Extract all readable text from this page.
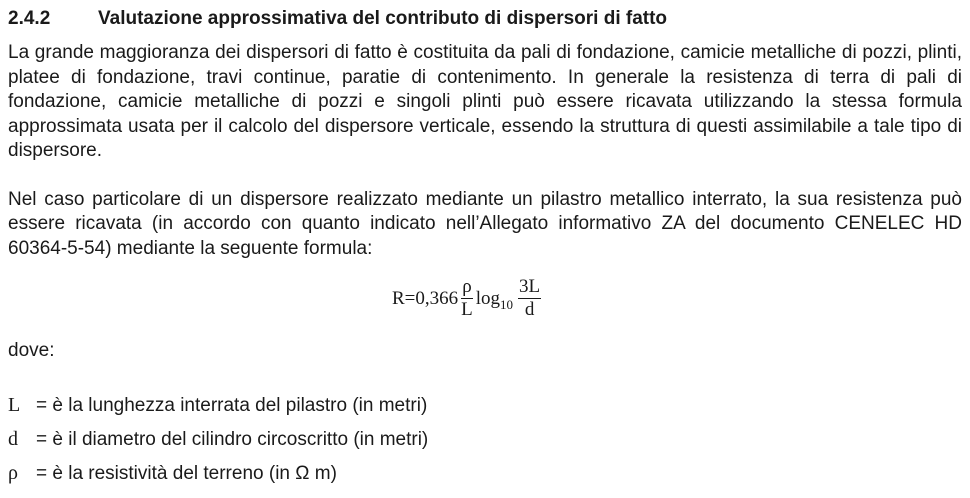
2.4.2	Valutazione approssimativa del contributo di dispersori di fatto

La grande maggioranza dei dispersori di fatto è costituita da pali di fondazione, camicie metalliche di pozzi, plinti, platee di fondazione, travi continue, paratie di contenimento. In generale la resistenza di terra di pali di fondazione, camicie metalliche di pozzi e singoli plinti può essere ricavata utilizzando la stessa formula approssimata usata per il calcolo del dispersore verticale, essendo la struttura di questi assimilabile a tale tipo di dispersore.

Nel caso particolare di un dispersore realizzato mediante un pilastro metallico interrato, la sua resistenza può essere ricavata (in accordo con quanto indicato nell’Allegato informativo ZA del documento CENELEC HD 60364-5-54) mediante la seguente formula:

$R=0,366 \frac{\rho}{L}$ $\log 10 \frac{3L}{d}$
dove:
L = è la lunghezza interrata del pilastro (in metri)
d = è il diametro del cilindro circoscritto (in metri)
ρ = è la resistività del terreno (in Ω m)
